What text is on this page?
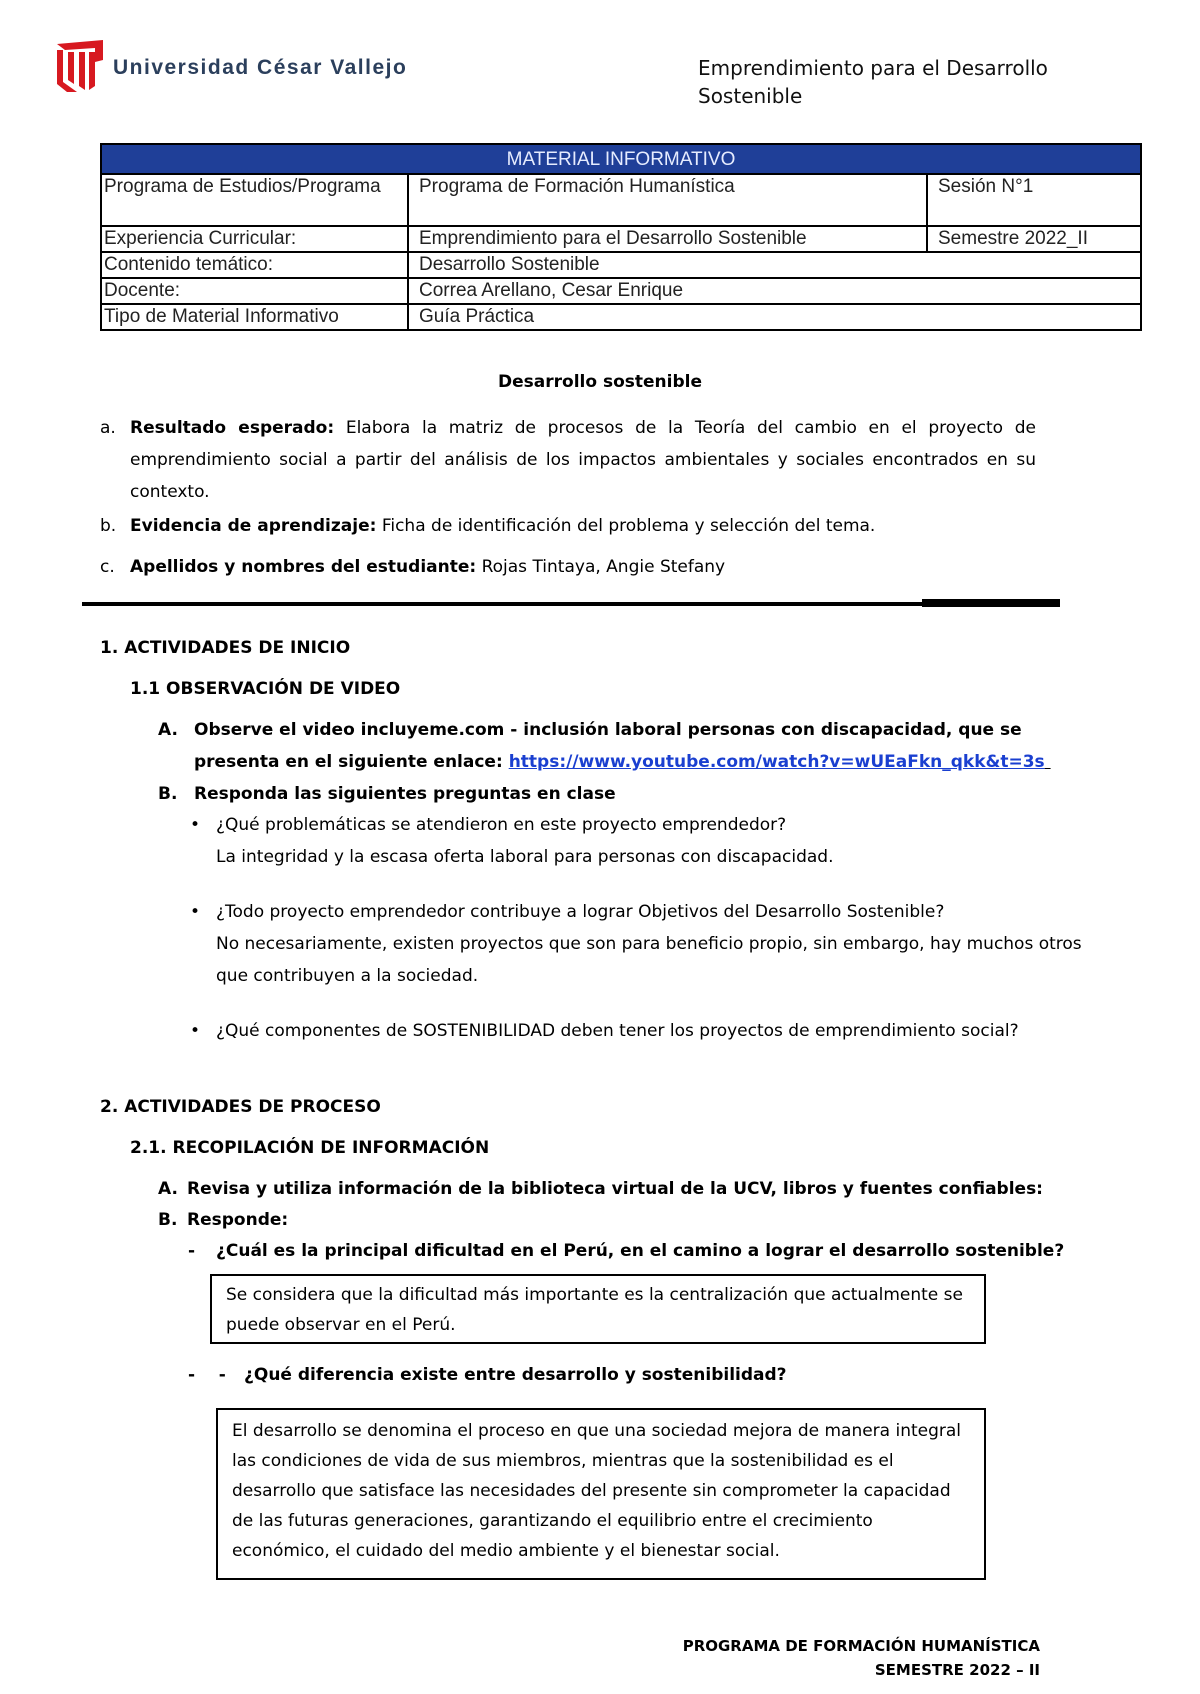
Universidad César Vallejo	Emprendimiento para el Desarrollo Sostenible
MATERIAL INFORMATIVO		
Programa de Estudios/Programa	Programa de Formación Humanística	Sesión N°1
Experiencia Curricular:	Emprendimiento para el Desarrollo Sostenible	Semestre 2022_II
Contenido temático:	Desarrollo Sostenible	
Docente:	Correa Arellano, Cesar Enrique	
Tipo de Material Informativo	Guía Práctica	
Desarrollo sostenible
a. Resultado esperado: Elabora la matriz de procesos de la Teoría del cambio en el proyecto de emprendimiento social a partir del análisis de los impactos ambientales y sociales encontrados en su contexto.
b. Evidencia de aprendizaje: Ficha de identificación del problema y selección del tema.
c. Apellidos y nombres del estudiante: Rojas Tintaya, Angie Stefany
1. ACTIVIDADES DE INICIO
1.1 OBSERVACIÓN DE VIDEO
A. Observe el video incluyeme.com - inclusión laboral personas con discapacidad, que se presenta en el siguiente enlace: https://www.youtube.com/watch?v=wUEaFkn_qkk&t=3s
B. Responda las siguientes preguntas en clase
• ¿Qué problemáticas se atendieron en este proyecto emprendedor?
La integridad y la escasa oferta laboral para personas con discapacidad.
• ¿Todo proyecto emprendedor contribuye a lograr Objetivos del Desarrollo Sostenible?
No necesariamente, existen proyectos que son para beneficio propio, sin embargo, hay muchos otros que contribuyen a la sociedad.
• ¿Qué componentes de SOSTENIBILIDAD deben tener los proyectos de emprendimiento social?
2. ACTIVIDADES DE PROCESO
2.1. RECOPILACIÓN DE INFORMACIÓN
A. Revisa y utiliza información de la biblioteca virtual de la UCV, libros y fuentes confiables:
B. Responde:
- ¿Cuál es la principal dificultad en el Perú, en el camino a lograr el desarrollo sostenible?
Se considera que la dificultad más importante es la centralización que actualmente se puede observar en el Perú.
-    - ¿Qué diferencia existe entre desarrollo y sostenibilidad?
El desarrollo se denomina el proceso en que una sociedad mejora de manera integral las condiciones de vida de sus miembros, mientras que la sostenibilidad es el desarrollo que satisface las necesidades del presente sin comprometer la capacidad de las futuras generaciones, garantizando el equilibrio entre el crecimiento económico, el cuidado del medio ambiente y el bienestar social.
PROGRAMA DE FORMACIÓN HUMANÍSTICA
SEMESTRE 2022 – II
